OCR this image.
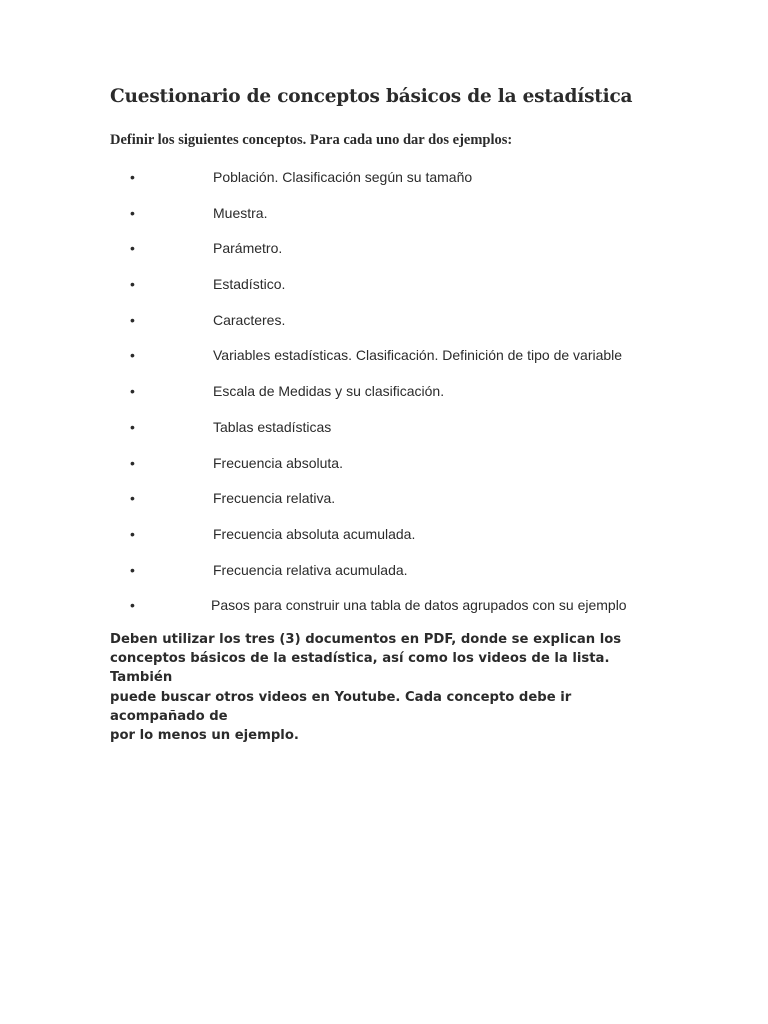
Cuestionario de conceptos básicos de la estadística
Definir los siguientes conceptos. Para cada uno dar dos ejemplos:
•	Población. Clasificación según su tamaño
•	Muestra.
•	Parámetro.
•	Estadístico.
•	Caracteres.
•	Variables estadísticas. Clasificación. Definición de tipo de variable
•	Escala de Medidas y su clasificación.
•	Tablas estadísticas
•	Frecuencia absoluta.
•	Frecuencia relativa.
•	Frecuencia absoluta acumulada.
•	Frecuencia relativa acumulada.
•	Pasos para construir una tabla de datos agrupados con su ejemplo
Deben utilizar los tres (3) documentos en PDF, donde se explican los
conceptos básicos de la estadística, así como los videos de la lista. También
puede buscar otros videos en Youtube. Cada concepto debe ir acompañado de
por lo menos un ejemplo.
